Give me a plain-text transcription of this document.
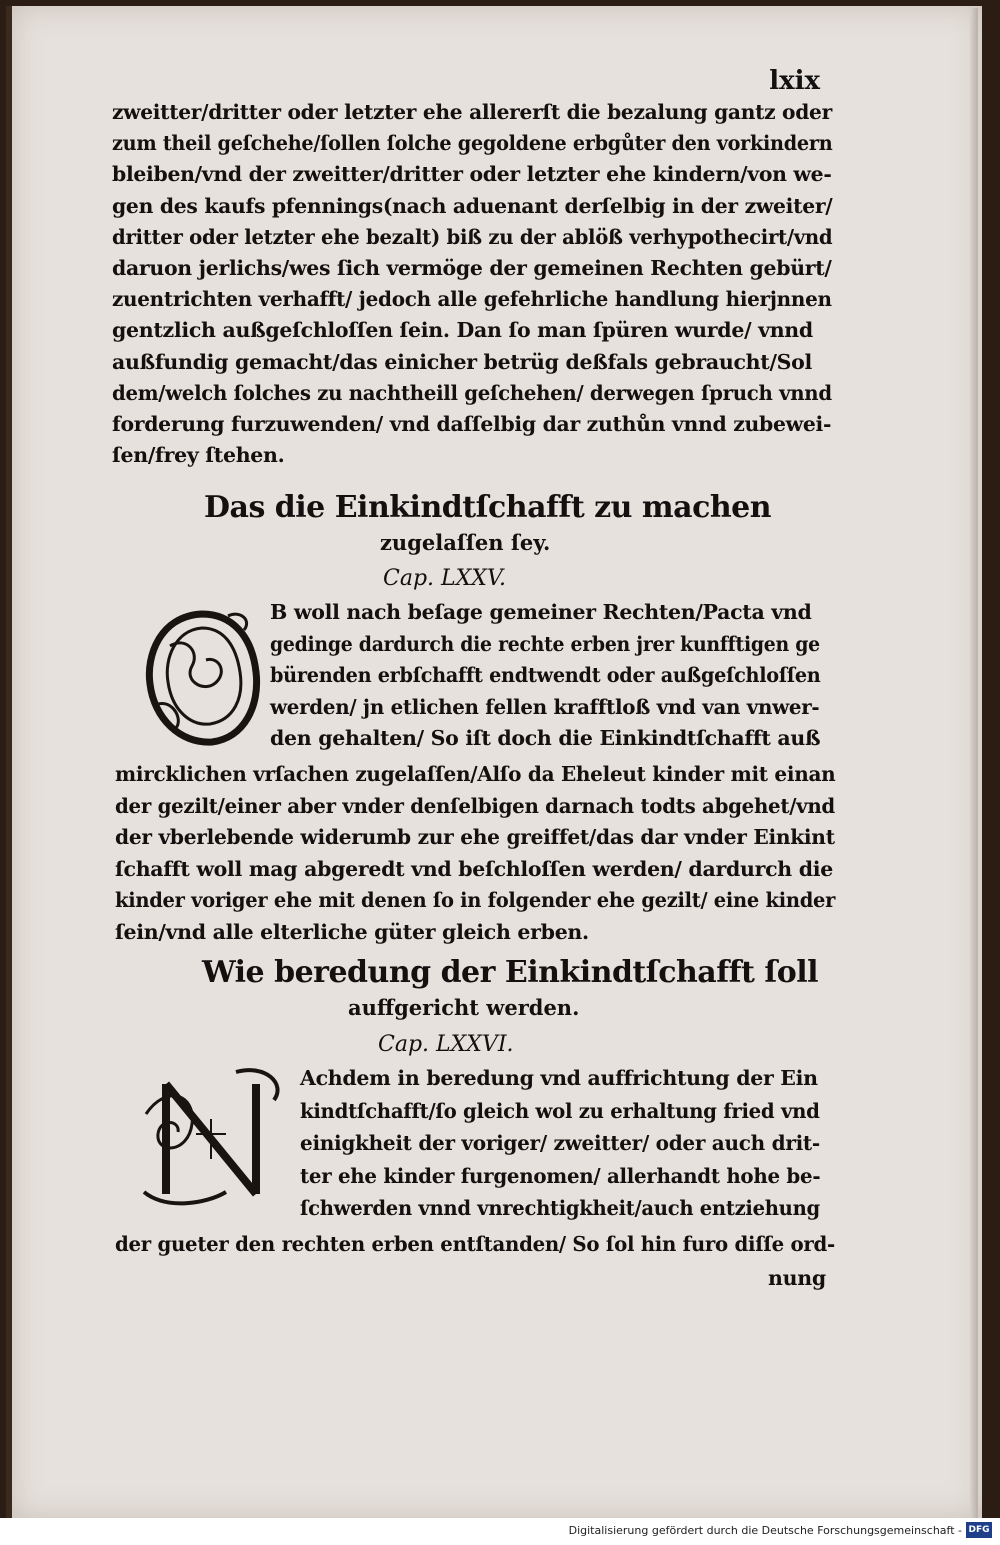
lxix
zweitter/dritter oder letzter ehe allererſt die bezalung gantz oder
zum theil geſchehe/ſollen ſolche gegoldene erbgůter den vorkindern
bleiben/vnd der zweitter/dritter oder letzter ehe kindern/von we-
gen des kaufs pfennings(nach aduenant derſelbig in der zweiter/
dritter oder letzter ehe bezalt) biß zu der ablöß verhypothecirt/vnd
daruon jerlichs/wes ſich vermöge der gemeinen Rechten gebürt/
zuentrichten verhafft/ jedoch alle gefehrliche handlung hierjnnen
gentzlich außgeſchloſſen ſein. Dan ſo man ſpüren wurde/ vnnd
außfundig gemacht/das einicher betrüg deßfals gebraucht/Sol
dem/welch ſolches zu nachtheill geſchehen/ derwegen ſpruch vnnd
forderung furzuwenden/ vnd daſſelbig dar zuthůn vnnd zubewei-
ſen/frey ſtehen.
Das die Einkindtſchafft zu machen
zugelaſſen ſey.
Cap. LXXV.
B woll nach beſage gemeiner Rechten/Pacta vnd
gedinge dardurch die rechte erben jrer kunfftigen ge
bürenden erbſchafft endtwendt oder außgeſchloſſen
werden/ jn etlichen fellen krafftloß vnd van vnwer-
den gehalten/ So iſt doch die Einkindtſchafft auß
mircklichen vrſachen zugelaſſen/Alſo da Eheleut kinder mit einan
der gezilt/einer aber vnder denſelbigen darnach todts abgehet/vnd
der vberlebende widerumb zur ehe greiffet/das dar vnder Einkint
ſchafft woll mag abgeredt vnd beſchloſſen werden/ dardurch die
kinder voriger ehe mit denen ſo in folgender ehe gezilt/ eine kinder
ſein/vnd alle elterliche güter gleich erben.
Wie beredung der Einkindtſchafft ſoll
auffgericht werden.
Cap. LXXVI.
Achdem in beredung vnd auffrichtung der Ein
kindtſchafft/ſo gleich wol zu erhaltung fried vnd
einigkheit der voriger/ zweitter/ oder auch drit-
ter ehe kinder furgenomen/ allerhandt hohe be-
ſchwerden vnnd vnrechtigkheit/auch entziehung
der gueter den rechten erben entſtanden/ So ſol hin furo diſſe ord-
nung
Digitalisierung gefördert durch die Deutsche Forschungsgemeinschaft - DFG
